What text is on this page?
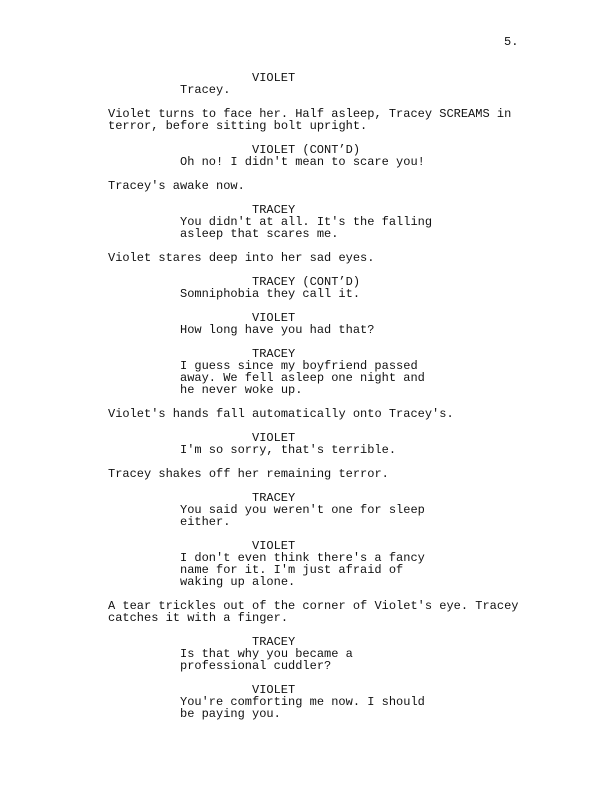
5.
VIOLET
Tracey.
Violet turns to face her. Half asleep, Tracey SCREAMS in
terror, before sitting bolt upright.
VIOLET (CONT’D)
Oh no! I didn't mean to scare you!
Tracey's awake now.
TRACEY
You didn't at all. It's the falling
asleep that scares me.
Violet stares deep into her sad eyes.
TRACEY (CONT’D)
Somniphobia they call it.
VIOLET
How long have you had that?
TRACEY
I guess since my boyfriend passed
away. We fell asleep one night and
he never woke up.
Violet's hands fall automatically onto Tracey's.
VIOLET
I'm so sorry, that's terrible.
Tracey shakes off her remaining terror.
TRACEY
You said you weren't one for sleep
either.
VIOLET
I don't even think there's a fancy
name for it. I'm just afraid of
waking up alone.
A tear trickles out of the corner of Violet's eye. Tracey
catches it with a finger.
TRACEY
Is that why you became a
professional cuddler?
VIOLET
You're comforting me now. I should
be paying you.
